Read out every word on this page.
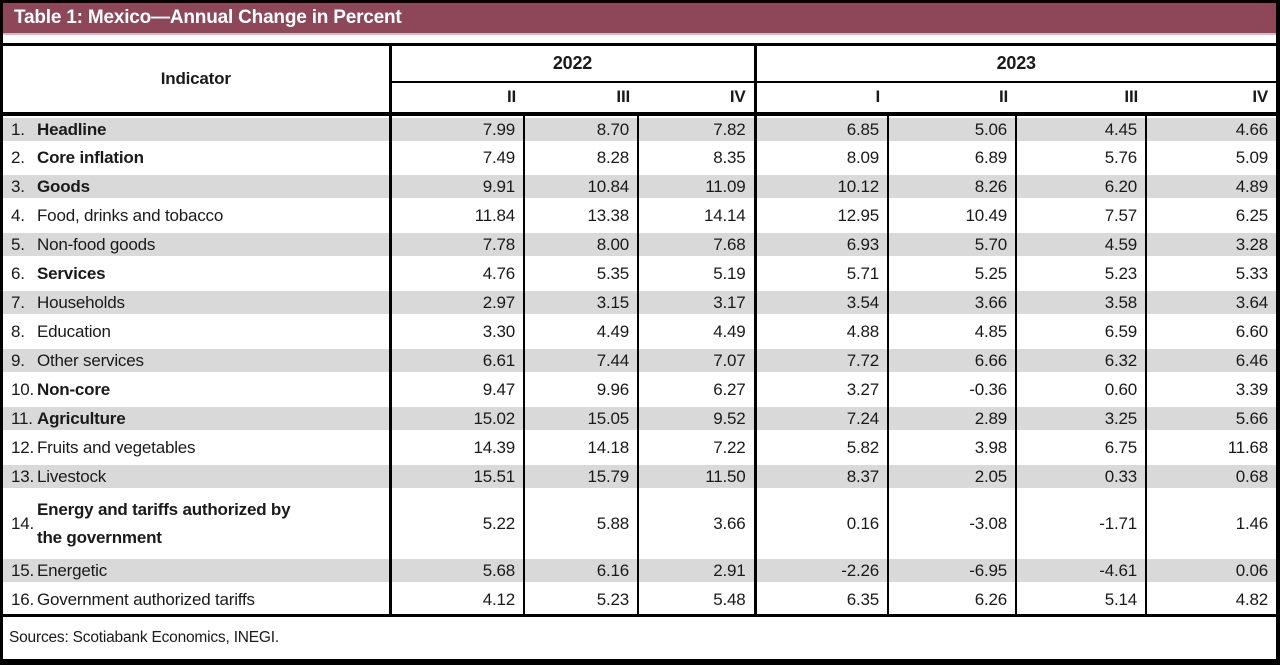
Table 1: Mexico—Annual Change in Percent
Indicator	2022			2023			
	II	III	IV	I	II	III	IV

1. Headline	7.99	8.70	7.82	6.85	5.06	4.45	4.66

2. Core inflation	7.49	8.28	8.35	8.09	6.89	5.76	5.09

3. Goods	9.91	10.84	11.09	10.12	8.26	6.20	4.89

4. Food, drinks and tobacco	11.84	13.38	14.14	12.95	10.49	7.57	6.25

5. Non-food goods	7.78	8.00	7.68	6.93	5.70	4.59	3.28

6. Services	4.76	5.35	5.19	5.71	5.25	5.23	5.33

7. Households	2.97	3.15	3.17	3.54	3.66	3.58	3.64

8. Education	3.30	4.49	4.49	4.88	4.85	6.59	6.60

9. Other services	6.61	7.44	7.07	7.72	6.66	6.32	6.46

10. Non-core	9.47	9.96	6.27	3.27	-0.36	0.60	3.39

11. Agriculture	15.02	15.05	9.52	7.24	2.89	3.25	5.66

12. Fruits and vegetables	14.39	14.18	7.22	5.82	3.98	6.75	11.68

13. Livestock	15.51	15.79	11.50	8.37	2.05	0.33	0.68

14.
Energy and tariffs authorized by the government	5.22	5.88	3.66	0.16	-3.08	-1.71	1.46

15. Energetic	5.68	6.16	2.91	-2.26	-6.95	-4.61	0.06

16. Government authorized tariffs	4.12	5.23	5.48	6.35	6.26	5.14	4.82
Sources: Scotiabank Economics, INEGI.
